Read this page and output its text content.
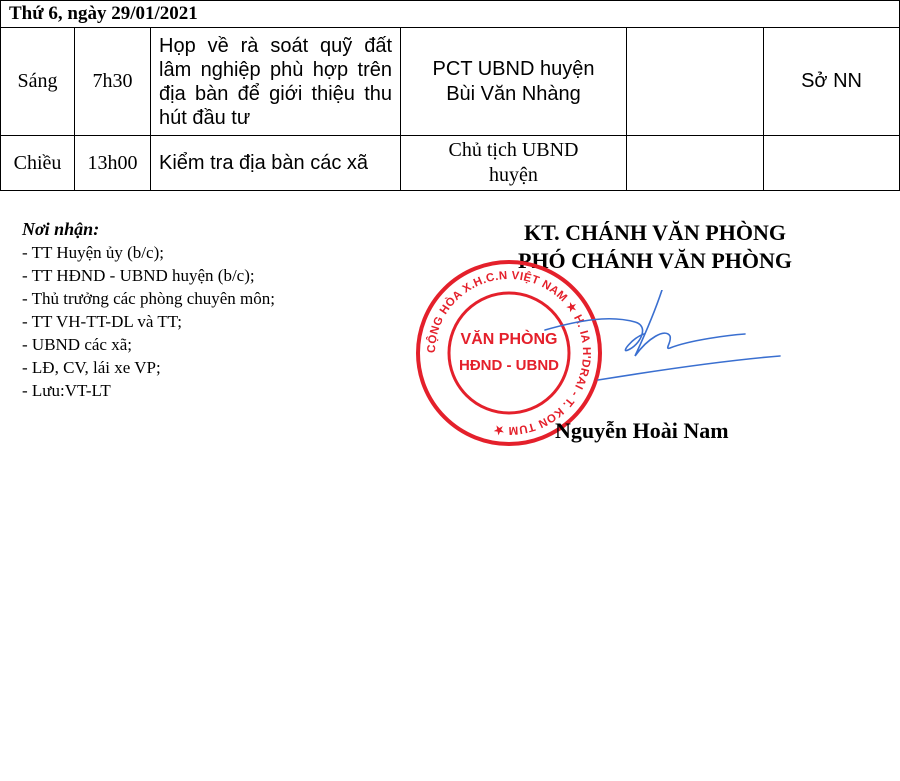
Thứ 6, ngày 29/01/2021					
Sáng	7h30	Họp về rà soát quỹ đất lâm nghiệp phù hợp trên địa bàn để giới thiệu thu hút đầu tư	PCT UBND huyện
Bùi Văn Nhàng		Sở NN
Chiều	13h00	Kiểm tra địa bàn các xã	Chủ tịch UBND
huyện		

Nơi nhận:
- TT Huyện ủy (b/c);
- TT HĐND - UBND huyện (b/c);
- Thủ trưởng các phòng chuyên môn;
- TT VH-TT-DL và TT;
- UBND các xã;
- LĐ, CV, lái xe VP;
- Lưu:VT-LT
KT. CHÁNH VĂN PHÒNG
PHÓ CHÁNH VĂN PHÒNG
CỘNG HÒA X.H.C.N VIỆT NAM ★ H. IA H'DRAI - T. KON TUM ★
VĂN PHÒNG
HĐND - UBND
Nguyễn Hoài Nam
